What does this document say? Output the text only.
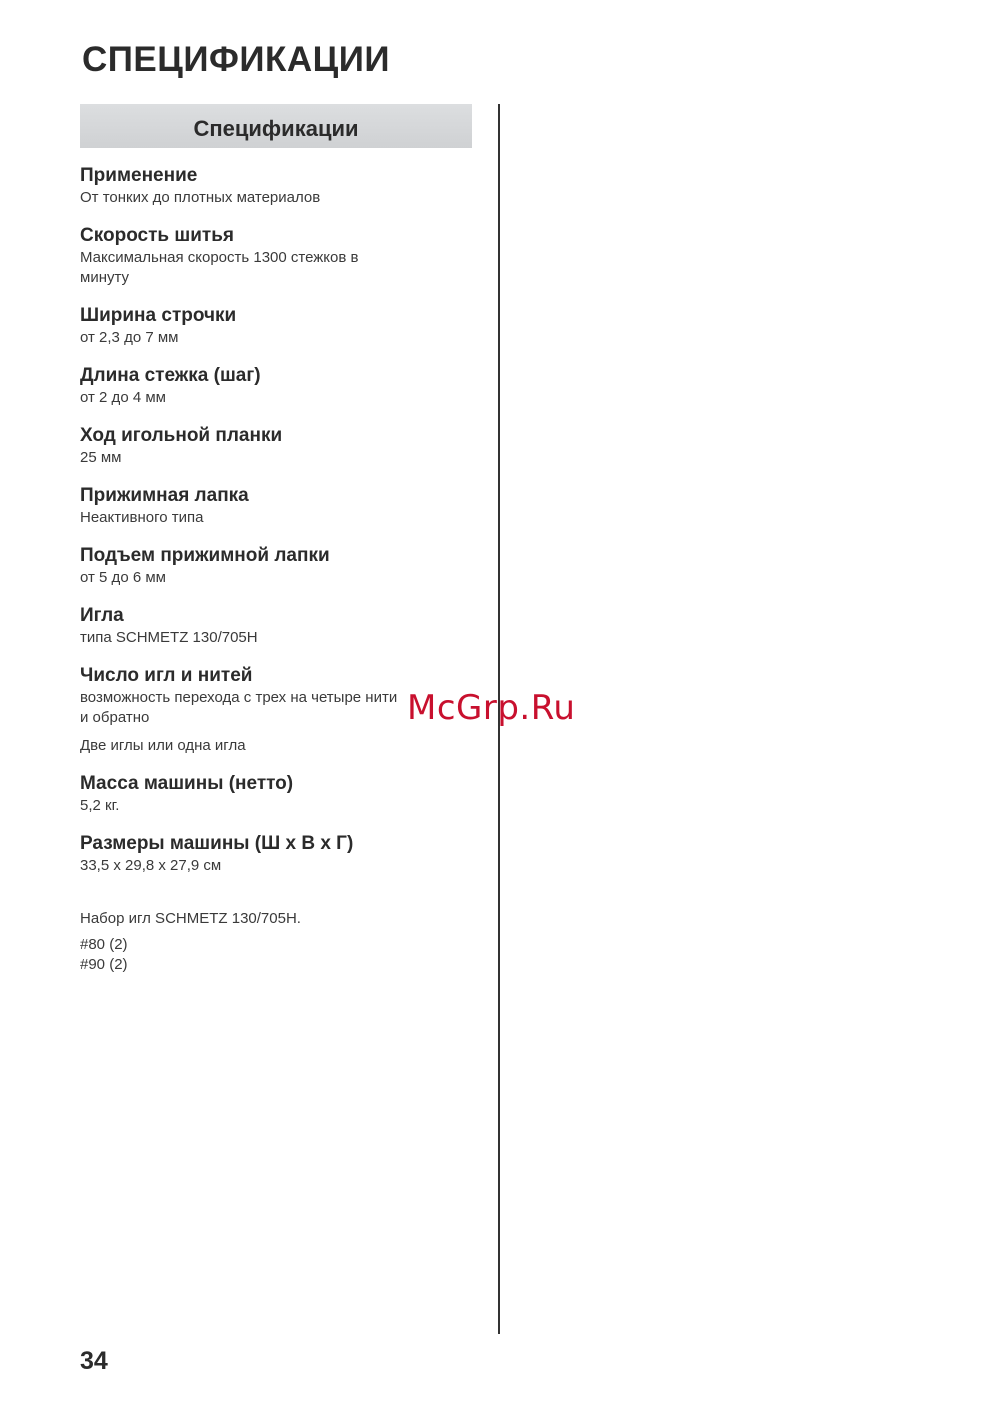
СПЕЦИФИКАЦИИ
Спецификации
Применение
От тонких до плотных материалов
Скорость шитья
Максимальная скорость 1300 стежков в
минуту
Ширина строчки
от 2,3 до 7 мм
Длина стежка (шаг)
от 2 до 4 мм
Ход игольной планки
25 мм
Прижимная лапка
Неактивного типа
Подъем прижимной лапки
от 5 до 6 мм
Игла
типа SCHMETZ 130/705H
Число игл и нитей
возможность перехода с трех на четыре нити
и обратно
Две иглы или одна игла
Масса машины (нетто)
5,2 кг.
Размеры машины (Ш х В х Г)
33,5 х 29,8 х 27,9 см
Набор игл SCHMETZ 130/705H.
#80 (2)
#90 (2)
McGrp.Ru
34
